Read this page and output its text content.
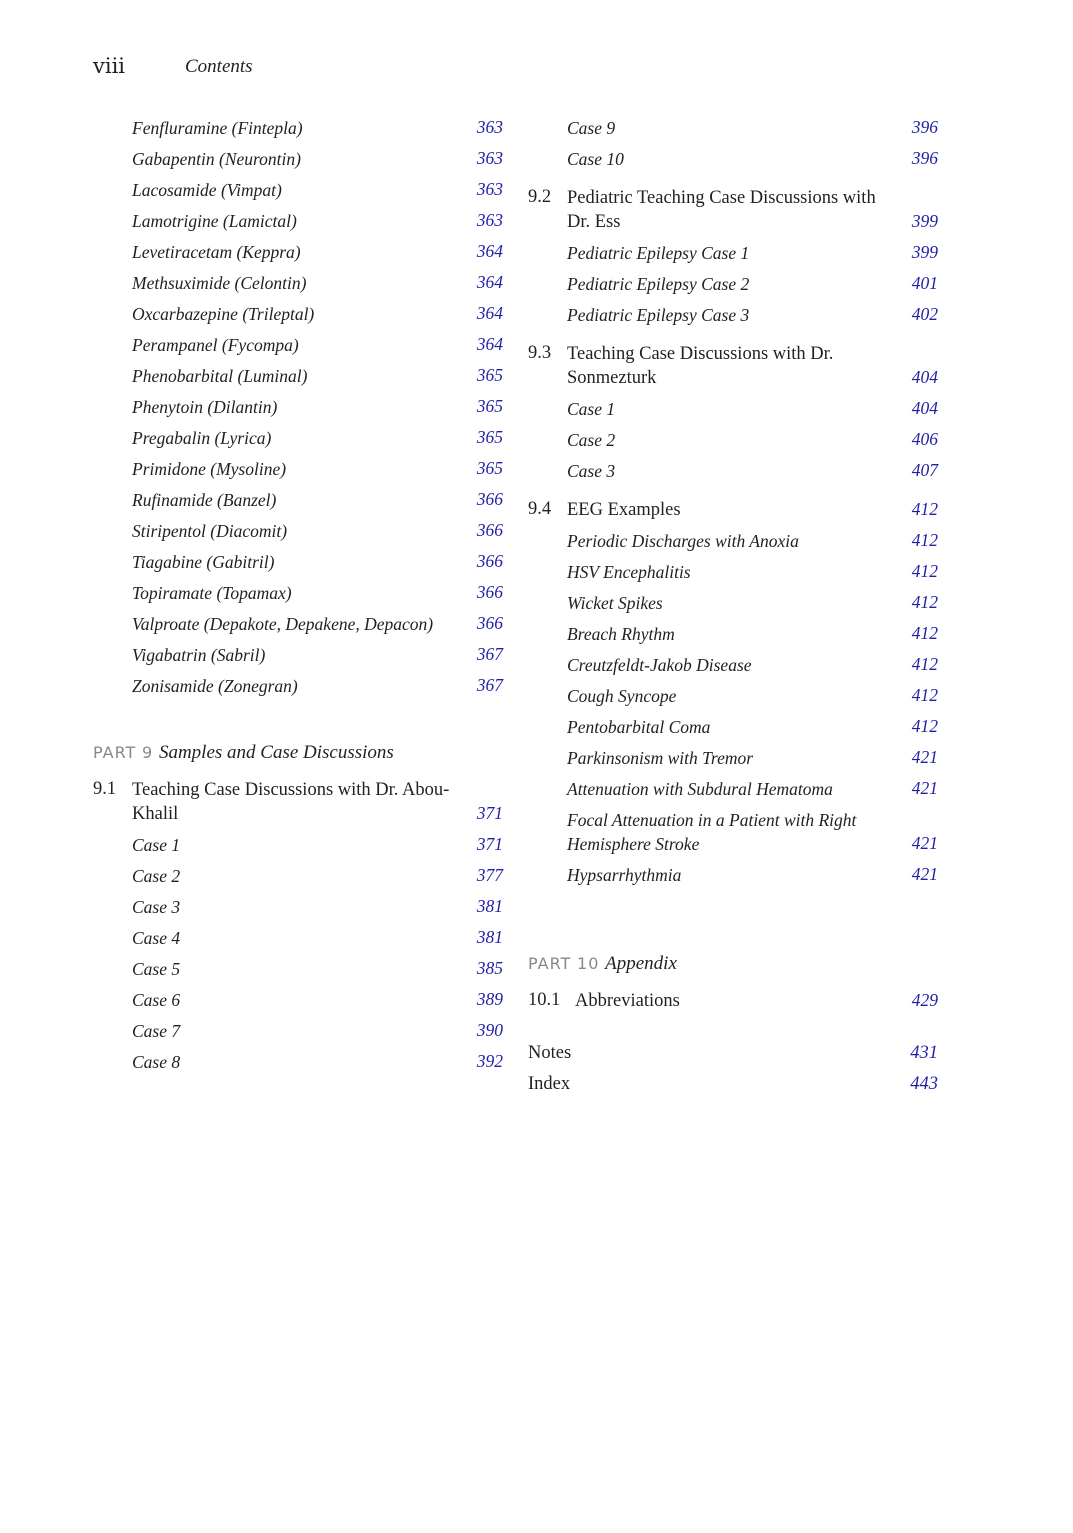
viii	Contents
Fenfluramine (Fintepla)	363
Gabapentin (Neurontin)	363
Lacosamide (Vimpat)	363
Lamotrigine (Lamictal)	363
Levetiracetam (Keppra)	364
Methsuximide (Celontin)	364
Oxcarbazepine (Trileptal)	364
Perampanel (Fycompa)	364
Phenobarbital (Luminal)	365
Phenytoin (Dilantin)	365
Pregabalin (Lyrica)	365
Primidone (Mysoline)	365
Rufinamide (Banzel)	366
Stiripentol (Diacomit)	366
Tiagabine (Gabitril)	366
Topiramate (Topamax)	366
Valproate (Depakote, Depakene, Depacon)	366
Vigabatrin (Sabril)	367
Zonisamide (Zonegran)	367
PART 9 Samples and Case Discussions
9.1 Teaching Case Discussions with Dr. Abou-Khalil	371
Case 1	371
Case 2	377
Case 3	381
Case 4	381
Case 5	385
Case 6	389
Case 7	390
Case 8	392
Case 9	396
Case 10	396
9.2 Pediatric Teaching Case Discussions with Dr. Ess	399
Pediatric Epilepsy Case 1	399
Pediatric Epilepsy Case 2	401
Pediatric Epilepsy Case 3	402
9.3 Teaching Case Discussions with Dr. Sonmezturk	404
Case 1	404
Case 2	406
Case 3	407
9.4 EEG Examples	412
Periodic Discharges with Anoxia	412
HSV Encephalitis	412
Wicket Spikes	412
Breach Rhythm	412
Creutzfeldt-Jakob Disease	412
Cough Syncope	412
Pentobarbital Coma	412
Parkinsonism with Tremor	421
Attenuation with Subdural Hematoma	421
Focal Attenuation in a Patient with Right Hemisphere Stroke	421
Hypsarrhythmia	421
PART 10 Appendix
10.1 Abbreviations	429
Notes	431
Index	443
